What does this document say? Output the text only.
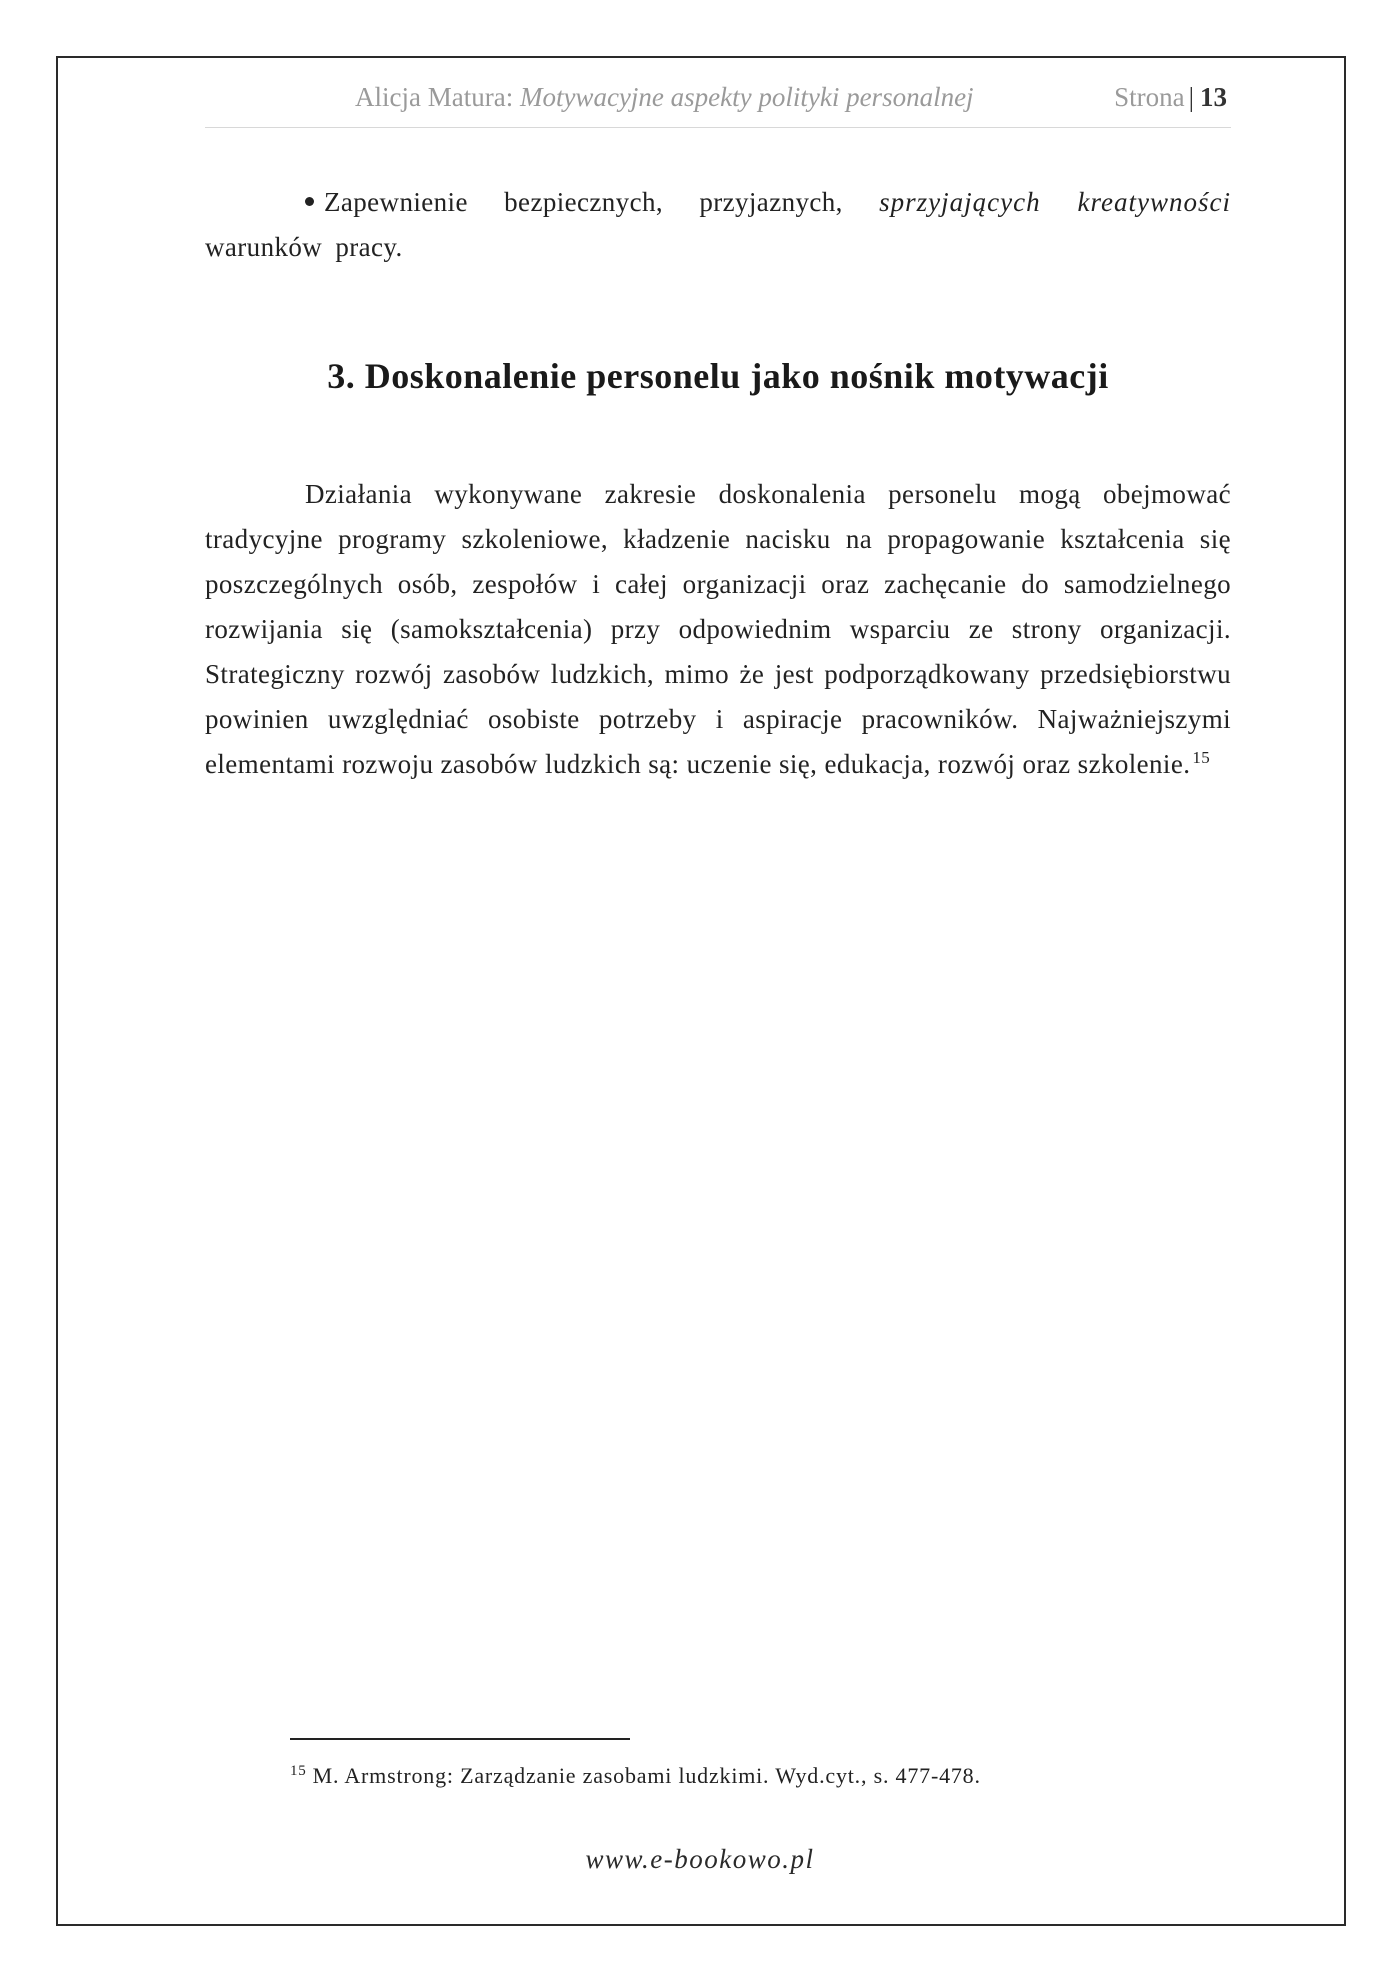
Alicja Matura: Motywacyjne aspekty polityki personalnej	Strona | 13
Zapewnienie bezpiecznych, przyjaznych, sprzyjających kreatywności warunków pracy.
3. Doskonalenie personelu jako nośnik motywacji
Działania wykonywane zakresie doskonalenia personelu mogą obejmować tradycyjne programy szkoleniowe, kładzenie nacisku na propagowanie kształcenia się poszczególnych osób, zespołów i całej organizacji oraz zachęcanie do samodzielnego rozwijania się (samokształcenia) przy odpowiednim wsparciu ze strony organizacji. Strategiczny rozwój zasobów ludzkich, mimo że jest podporządkowany przedsiębiorstwu powinien uwzględniać osobiste potrzeby i aspiracje pracowników. Najważniejszymi elementami rozwoju zasobów ludzkich są: uczenie się, edukacja, rozwój oraz szkolenie. $^{15}$
$^{15}$ M. Armstrong: Zarządzanie zasobami ludzkimi. Wyd.cyt., s. 477-478.
www.e-bookowo.pl
